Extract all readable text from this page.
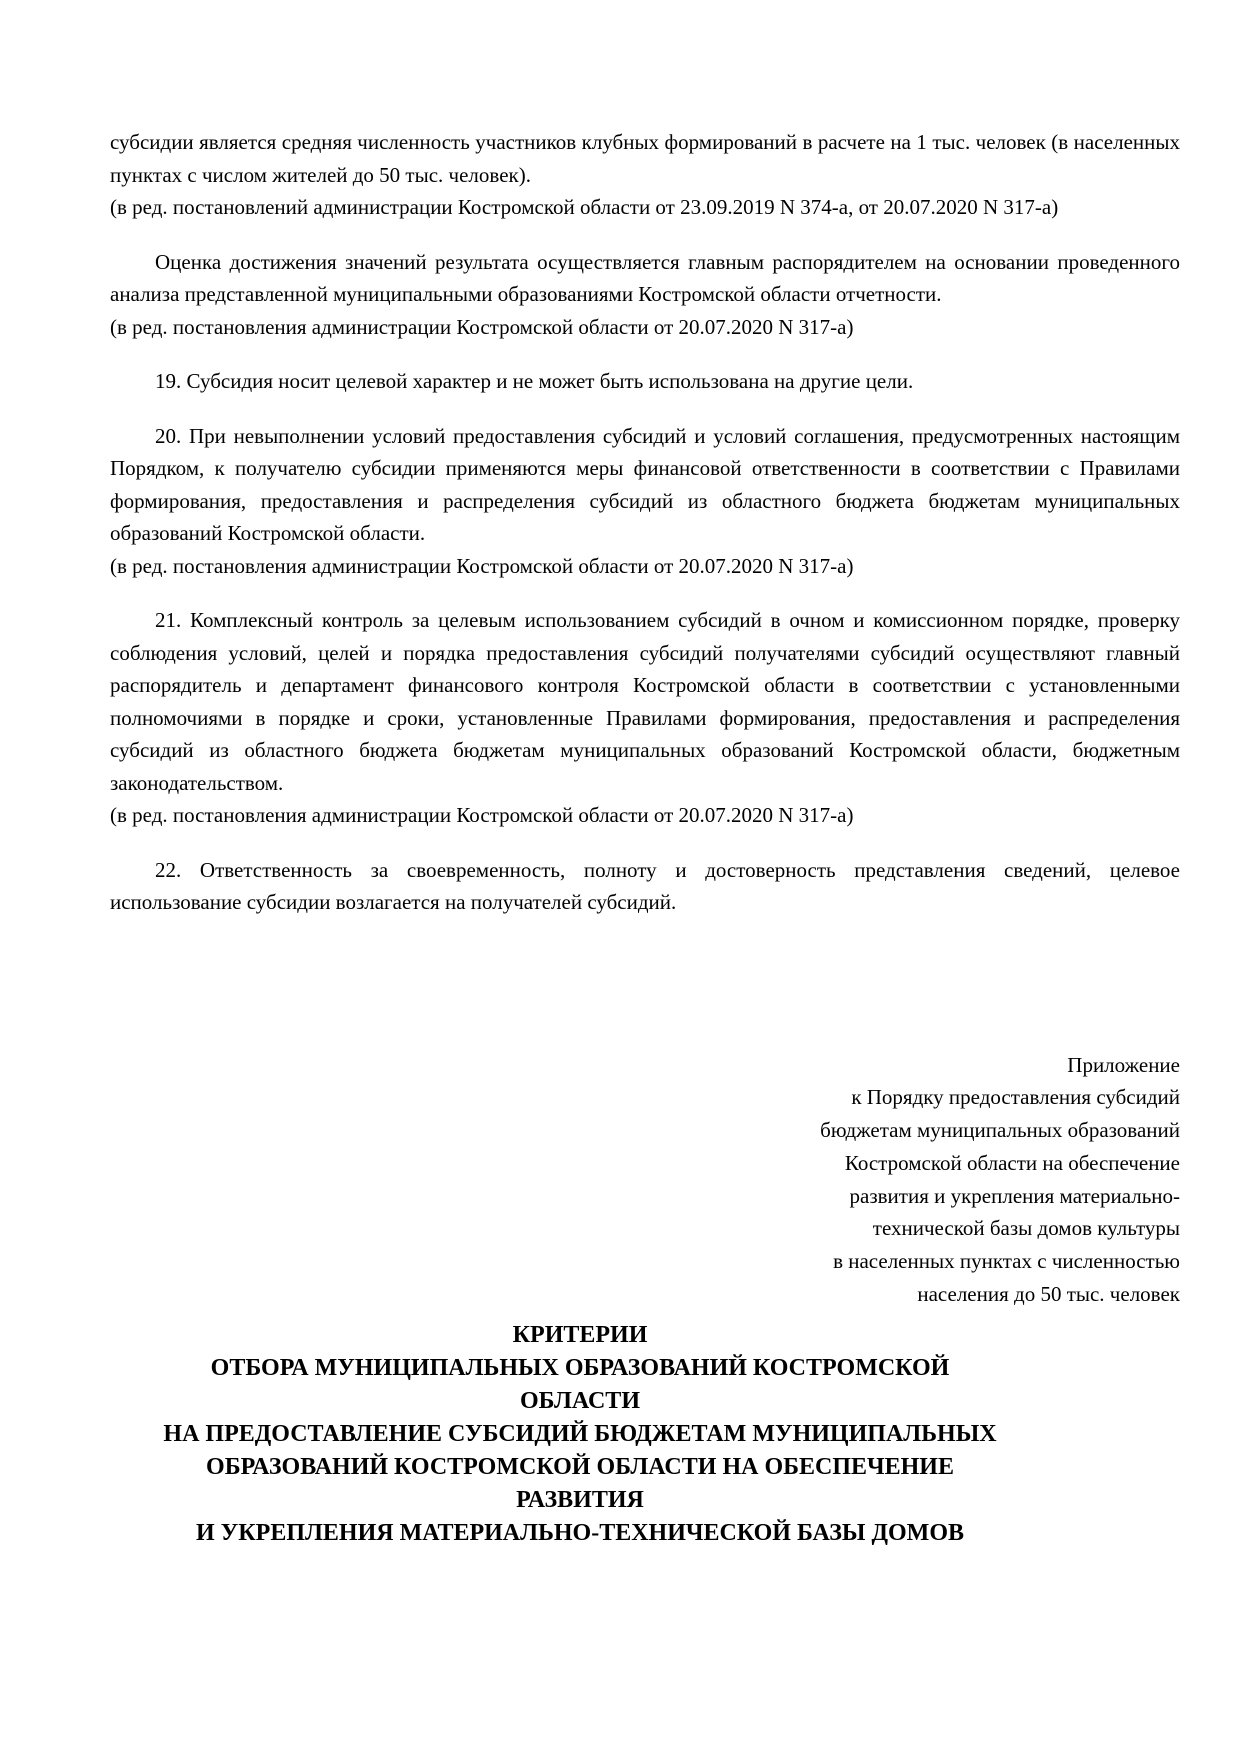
субсидии является средняя численность участников клубных формирований в расчете на 1 тыс. человек (в населенных пунктах с числом жителей до 50 тыс. человек).
(в ред. постановлений администрации Костромской области от 23.09.2019 N 374-а, от 20.07.2020 N 317-а)
Оценка достижения значений результата осуществляется главным распорядителем на основании проведенного анализа представленной муниципальными образованиями Костромской области отчетности.
(в ред. постановления администрации Костромской области от 20.07.2020 N 317-а)
19. Субсидия носит целевой характер и не может быть использована на другие цели.
20. При невыполнении условий предоставления субсидий и условий соглашения, предусмотренных настоящим Порядком, к получателю субсидии применяются меры финансовой ответственности в соответствии с Правилами формирования, предоставления и распределения субсидий из областного бюджета бюджетам муниципальных образований Костромской области.
(в ред. постановления администрации Костромской области от 20.07.2020 N 317-а)
21. Комплексный контроль за целевым использованием субсидий в очном и комиссионном порядке, проверку соблюдения условий, целей и порядка предоставления субсидий получателями субсидий осуществляют главный распорядитель и департамент финансового контроля Костромской области в соответствии с установленными полномочиями в порядке и сроки, установленные Правилами формирования, предоставления и распределения субсидий из областного бюджета бюджетам муниципальных образований Костромской области, бюджетным законодательством.
(в ред. постановления администрации Костромской области от 20.07.2020 N 317-а)
22. Ответственность за своевременность, полноту и достоверность представления сведений, целевое использование субсидии возлагается на получателей субсидий.
Приложение
к Порядку предоставления субсидий
бюджетам муниципальных образований
Костромской области на обеспечение
развития и укрепления материально-
технической базы домов культуры
в населенных пунктах с численностью
населения до 50 тыс. человек
КРИТЕРИИ
ОТБОРА МУНИЦИПАЛЬНЫХ ОБРАЗОВАНИЙ КОСТРОМСКОЙ
ОБЛАСТИ
НА ПРЕДОСТАВЛЕНИЕ СУБСИДИЙ БЮДЖЕТАМ МУНИЦИПАЛЬНЫХ
ОБРАЗОВАНИЙ КОСТРОМСКОЙ ОБЛАСТИ НА ОБЕСПЕЧЕНИЕ
РАЗВИТИЯ
И УКРЕПЛЕНИЯ МАТЕРИАЛЬНО-ТЕХНИЧЕСКОЙ БАЗЫ ДОМОВ
